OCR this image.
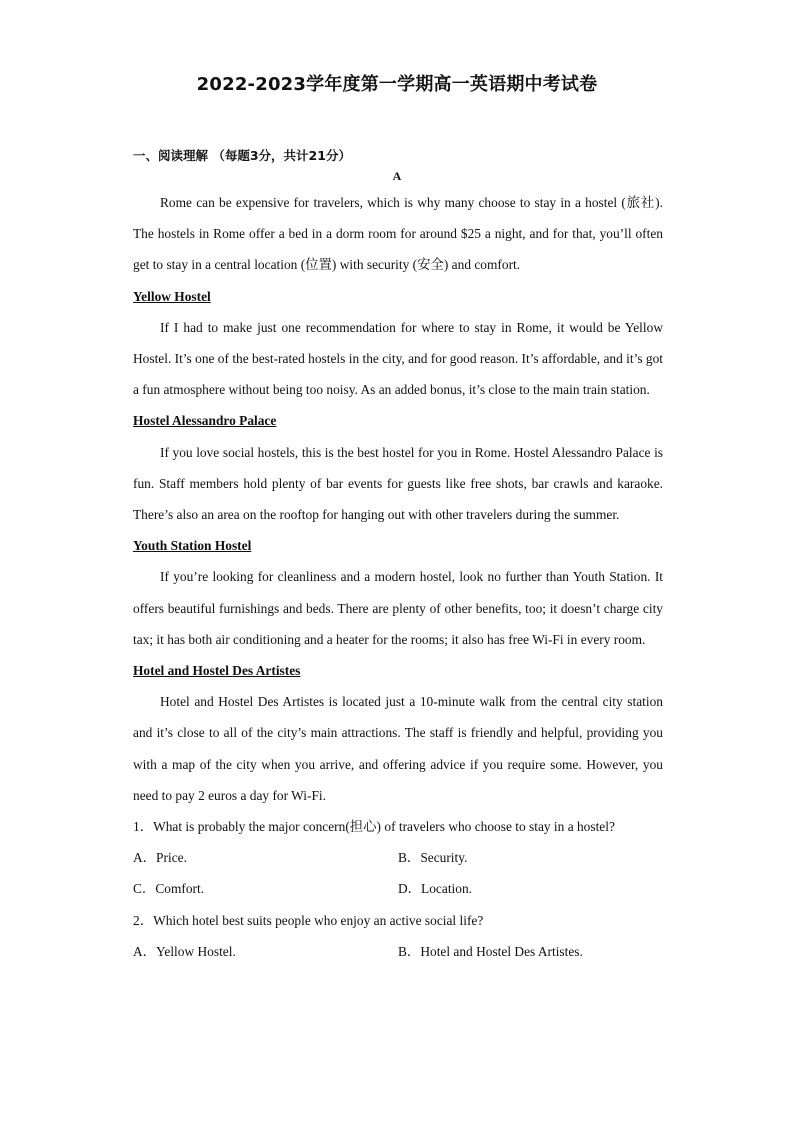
2022-2023学年度第一学期高一英语期中考试卷
一、阅读理解 （每题3分，共计21分）
A

Rome can be expensive for travelers, which is why many choose to stay in a hostel (旅社). The hostels in Rome offer a bed in a dorm room for around $25 a night, and for that, you’ll often get to stay in a central location (位置) with security (安全) and comfort.

Yellow Hostel

If I had to make just one recommendation for where to stay in Rome, it would be Yellow Hostel. It’s one of the best-rated hostels in the city, and for good reason. It’s affordable, and it’s got a fun atmosphere without being too noisy. As an added bonus, it’s close to the main train station.

Hostel Alessandro Palace

If you love social hostels, this is the best hostel for you in Rome. Hostel Alessandro Palace is fun. Staff members hold plenty of bar events for guests like free shots, bar crawls and karaoke. There’s also an area on the rooftop for hanging out with other travelers during the summer.

Youth Station Hostel

If you’re looking for cleanliness and a modern hostel, look no further than Youth Station. It offers beautiful furnishings and beds. There are plenty of other benefits, too; it doesn’t charge city tax; it has both air conditioning and a heater for the rooms; it also has free Wi-Fi in every room.

Hotel and Hostel Des Artistes

Hotel and Hostel Des Artistes is located just a 10-minute walk from the central city station and it’s close to all of the city’s main attractions. The staff is friendly and helpful, providing you with a map of the city when you arrive, and offering advice if you require some. However, you need to pay 2 euros a day for Wi-Fi.

1．What is probably the major concern(担心) of travelers who choose to stay in a hostel?

A．Price.	B．Security.
C．Comfort.	D．Location.

2．Which hotel best suits people who enjoy an active social life?

A．Yellow Hostel.	B．Hotel and Hostel Des Artistes.
